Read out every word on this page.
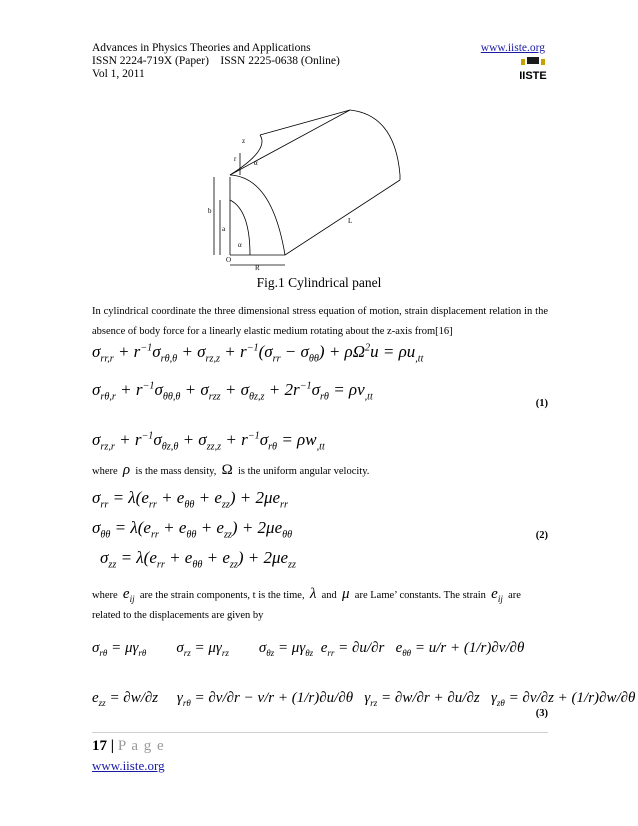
Advances in Physics Theories and Applications
ISSN 2224-719X (Paper)    ISSN 2225-0638 (Online)
Vol 1, 2011
www.iiste.org
IISTE
z
r	α
b
a
α
O
R
L
Fig.1 Cylindrical panel
In cylindrical coordinate the three dimensional stress equation of motion, strain displacement relation in the absence of body force for a linearly elastic medium rotating about the z-axis from[16]
$\sigma_{rr,r} + r^{-1}\sigma_{r\theta,\theta} + \sigma_{rz,z} + r^{-1}(\sigma_{rr} - \sigma_{\theta\theta}) + \rho\Omega^2u = \rho u_{,tt}$
$\sigma_{r\theta,r} + r^{-1}\sigma_{\theta\theta,\theta} + \sigma_{rzz} + \sigma_{\theta z,z} + 2r^{-1}\sigma_{r\theta} = \rho v_{,tt}$
(1)
$\sigma_{rz,r} + r^{-1}\sigma_{\theta z,\theta} + \sigma_{zz,z} + r^{-1}\sigma_{r\theta} = \rho w_{,tt}$
where ρ is the mass density, Ω is the uniform angular velocity.
$\sigma_{rr} = \lambda(e_{rr} + e_{\theta\theta} + e_{zz}) + 2\mu e_{rr}$
$\sigma_{\theta\theta} = \lambda(e_{rr} + e_{\theta\theta} + e_{zz}) + 2\mu e_{\theta\theta}$	(2)
$\sigma_{zz} = \lambda(e_{rr} + e_{\theta\theta} + e_{zz}) + 2\mu e_{zz}$
where $e_{ij}$ are the strain components, t is the time, λ and μ are Lame’ constants. The strain $e_{ij}$ are
related to the displacements are given by
$\sigma_{r\theta} = \mu\gamma_{r\theta}$        $\sigma_{rz} = \mu\gamma_{rz}$        $\sigma_{\theta z} = \mu\gamma_{\theta z}$  $e_{rr} = \partial u/\partial r$   $e_{\theta\theta} = u/r + (1/r)\partial v/\partial\theta$
$e_{zz} = \partial w/\partial z$     $\gamma_{r\theta} = \partial v/\partial r - v/r + (1/r)\partial u/\partial\theta$   $\gamma_{rz} = \partial w/\partial r + \partial u/\partial z$   $\gamma_{z\theta} = \partial v/\partial z + (1/r)\partial w/\partial\theta$
(3)
17 | P a g e
www.iiste.org
